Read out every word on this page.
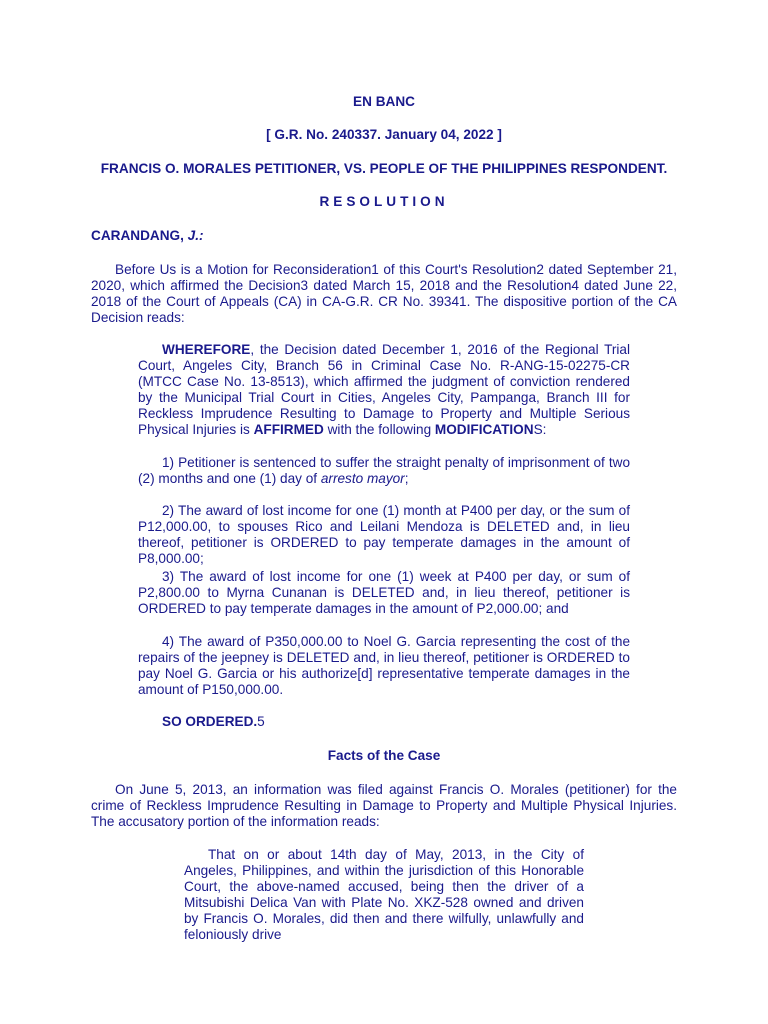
EN BANC
[ G.R. No. 240337. January 04, 2022 ]
FRANCIS O. MORALES PETITIONER, VS. PEOPLE OF THE PHILIPPINES RESPONDENT.
RESOLUTION
CARANDANG, J.:

Before Us is a Motion for Reconsideration1 of this Court's Resolution2 dated September 21, 2020, which affirmed the Decision3 dated March 15, 2018 and the Resolution4 dated June 22, 2018 of the Court of Appeals (CA) in CA-G.R. CR No. 39341. The dispositive portion of the CA Decision reads:

WHEREFORE, the Decision dated December 1, 2016 of the Regional Trial Court, Angeles City, Branch 56 in Criminal Case No. R-ANG-15-02275-CR (MTCC Case No. 13-8513), which affirmed the judgment of conviction rendered by the Municipal Trial Court in Cities, Angeles City, Pampanga, Branch III for Reckless Imprudence Resulting to Damage to Property and Multiple Serious Physical Injuries is AFFIRMED with the following MODIFICATIONS:

1) Petitioner is sentenced to suffer the straight penalty of imprisonment of two (2) months and one (1) day of arresto mayor;

2) The award of lost income for one (1) month at P400 per day, or the sum of P12,000.00, to spouses Rico and Leilani Mendoza is DELETED and, in lieu thereof, petitioner is ORDERED to pay temperate damages in the amount of P8,000.00;

3) The award of lost income for one (1) week at P400 per day, or sum of P2,800.00 to Myrna Cunanan is DELETED and, in lieu thereof, petitioner is ORDERED to pay temperate damages in the amount of P2,000.00; and

4) The award of P350,000.00 to Noel G. Garcia representing the cost of the repairs of the jeepney is DELETED and, in lieu thereof, petitioner is ORDERED to pay Noel G. Garcia or his authorize[d] representative temperate damages in the amount of P150,000.00.

SO ORDERED.5
Facts of the Case

On June 5, 2013, an information was filed against Francis O. Morales (petitioner) for the crime of Reckless Imprudence Resulting in Damage to Property and Multiple Physical Injuries. The accusatory portion of the information reads:

That on or about 14th day of May, 2013, in the City of Angeles, Philippines, and within the jurisdiction of this Honorable Court, the above-named accused, being then the driver of a Mitsubishi Delica Van with Plate No. XKZ-528 owned and driven by Francis O. Morales, did then and there wilfully, unlawfully and feloniously drive
